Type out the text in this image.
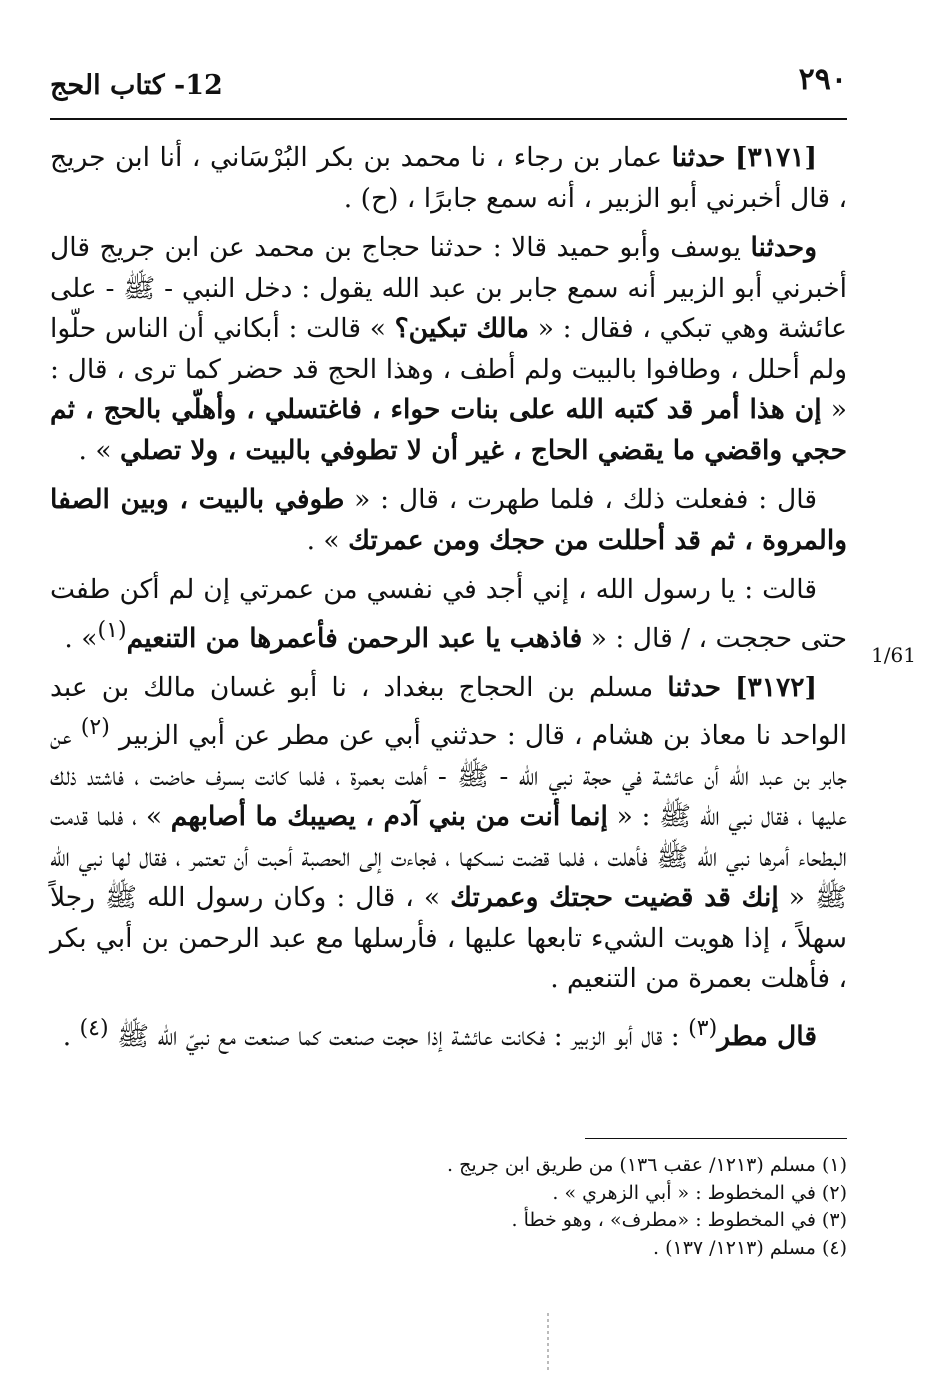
٢٩٠
12- كتاب الحج
1/61

[٣١٧١] حدثنا عمار بن رجاء ، نا محمد بن بكر البُرْسَاني ، أنا ابن جريج ، قال أخبرني أبو الزبير ، أنه سمع جابرًا ، (ح) .

وحدثنا يوسف وأبو حميد قالا : حدثنا حجاج بن محمد عن ابن جريج قال أخبرني أبو الزبير أنه سمع جابر بن عبد الله يقول : دخل النبي - ﷺ - على عائشة وهي تبكي ، فقال : « مالك تبكين؟ » قالت : أبكاني أن الناس حلّوا ولم أحلل ، وطافوا بالبيت ولم أطف ، وهذا الحج قد حضر كما ترى ، قال : « إن هذا أمر قد كتبه الله على بنات حواء ، فاغتسلي ، وأهلّي بالحج ، ثم حجي واقضي ما يقضي الحاج ، غير أن لا تطوفي بالبيت ، ولا تصلي » .

قال : ففعلت ذلك ، فلما طهرت ، قال : « طوفي بالبيت ، وبين الصفا والمروة ، ثم قد أحللت من حجك ومن عمرتك » .

قالت : يا رسول الله ، إني أجد في نفسي من عمرتي إن لم أكن طفت حتى حججت ، / قال : « فاذهب يا عبد الرحمن فأعمرها من التنعيم$^{(١)}$» .

[٣١٧٢] حدثنا مسلم بن الحجاج ببغداد ، نا أبو غسان مالك بن عبد الواحد نا معاذ بن هشام ، قال : حدثني أبي عن مطر عن أبي الزبير $^{(٢)}$ عن جابر بن عبد الله أن عائشة في حجة نبي الله - ﷺ - أهلت بعمرة ، فلما كانت بسرف حاضت ، فاشتد ذلك عليها ، فقال نبي الله ﷺ : « إنما أنت من بني آدم ، يصيبك ما أصابهم » ، فلما قدمت البطحاء أمرها نبي الله ﷺ فأهلت ، فلما قضت نسكها ، فجاءت إلى الحصبة أحبت أن تعتمر ، فقال لها نبي الله ﷺ « إنك قد قضيت حجتك وعمرتك » ، قال : وكان رسول الله ﷺ رجلاً سهلاً ، إذا هويت الشيء تابعها عليها ، فأرسلها مع عبد الرحمن بن أبي بكر ، فأهلت بعمرة من التنعيم .

قال مطر$^{(٣)}$ : قال أبو الزبير : فكانت عائشة إذا حجت صنعت كما صنعت مع نبيّ الله ﷺ $^{(٤)}$ .

(١) مسلم (١٢١٣/ عقب ١٣٦) من طريق ابن جريج .

(٢) في المخطوط : « أبي الزهري » .

(٣) في المخطوط : «مطرف» ، وهو خطأ .

(٤) مسلم (١٢١٣/ ١٣٧) .
